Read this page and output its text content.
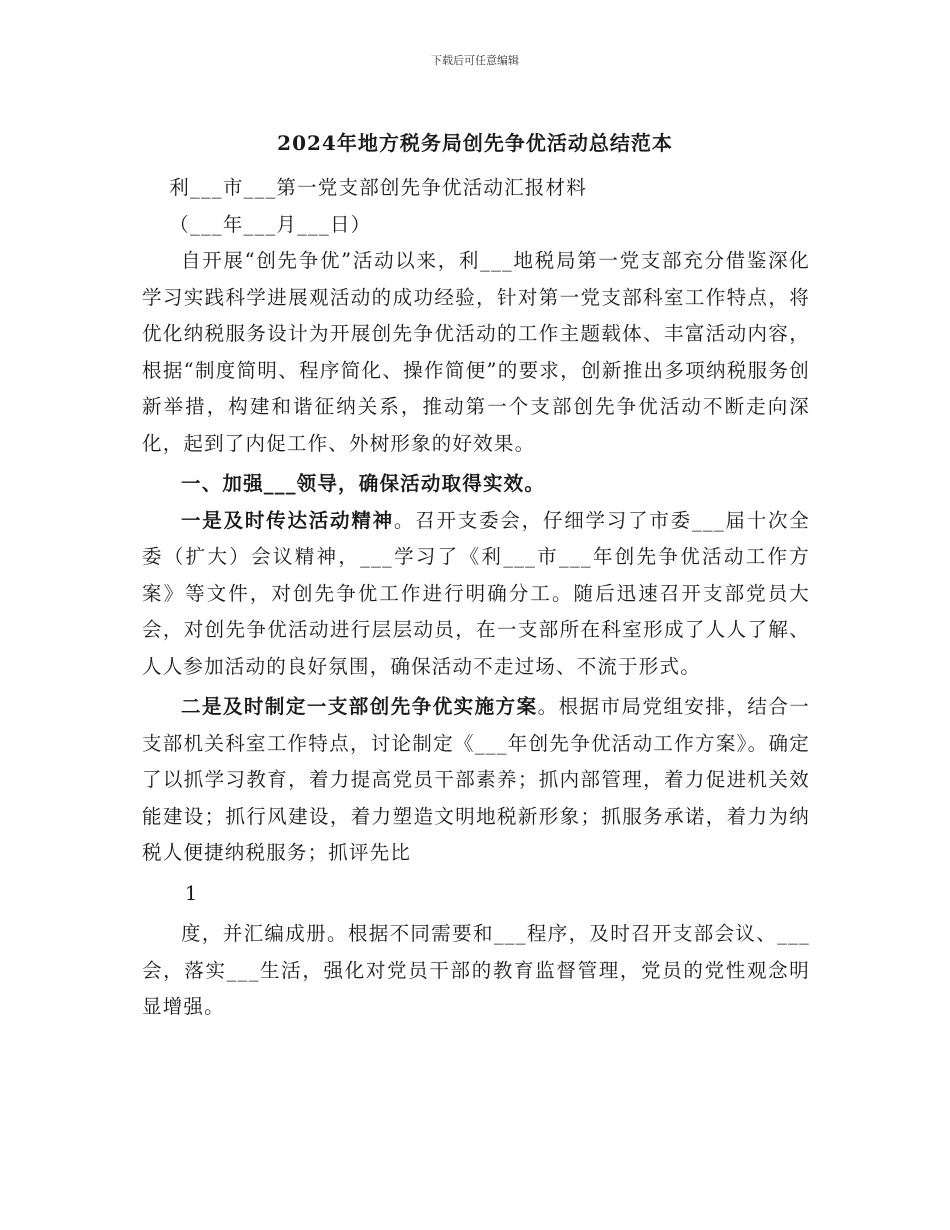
下载后可任意编辑
2024年地方税务局创先争优活动总结范本

利___市___第一党支部创先争优活动汇报材料

（___年___月___日）

自开展“创先争优”活动以来，利___地税局第一党支部充分借鉴深化学习实践科学进展观活动的成功经验，针对第一党支部科室工作特点，将优化纳税服务设计为开展创先争优活动的工作主题载体、丰富活动内容，根据“制度简明、程序简化、操作简便”的要求，创新推出多项纳税服务创新举措，构建和谐征纳关系，推动第一个支部创先争优活动不断走向深化，起到了内促工作、外树形象的好效果。

一、加强___领导，确保活动取得实效。

一是及时传达活动精神。召开支委会，仔细学习了市委___届十次全委（扩大）会议精神，___学习了《利___市___年创先争优活动工作方案》等文件，对创先争优工作进行明确分工。随后迅速召开支部党员大会，对创先争优活动进行层层动员，在一支部所在科室形成了人人了解、人人参加活动的良好氛围，确保活动不走过场、不流于形式。

二是及时制定一支部创先争优实施方案。根据市局党组安排，结合一支部机关科室工作特点，讨论制定《___年创先争优活动工作方案》。确定了以抓学习教育，着力提高党员干部素养；抓内部管理，着力促进机关效能建设；抓行风建设，着力塑造文明地税新形象；抓服务承诺，着力为纳税人便捷纳税服务；抓评先比

1

度，并汇编成册。根据不同需要和___程序，及时召开支部会议、___会，落实___生活，强化对党员干部的教育监督管理，党员的党性观念明显增强。
